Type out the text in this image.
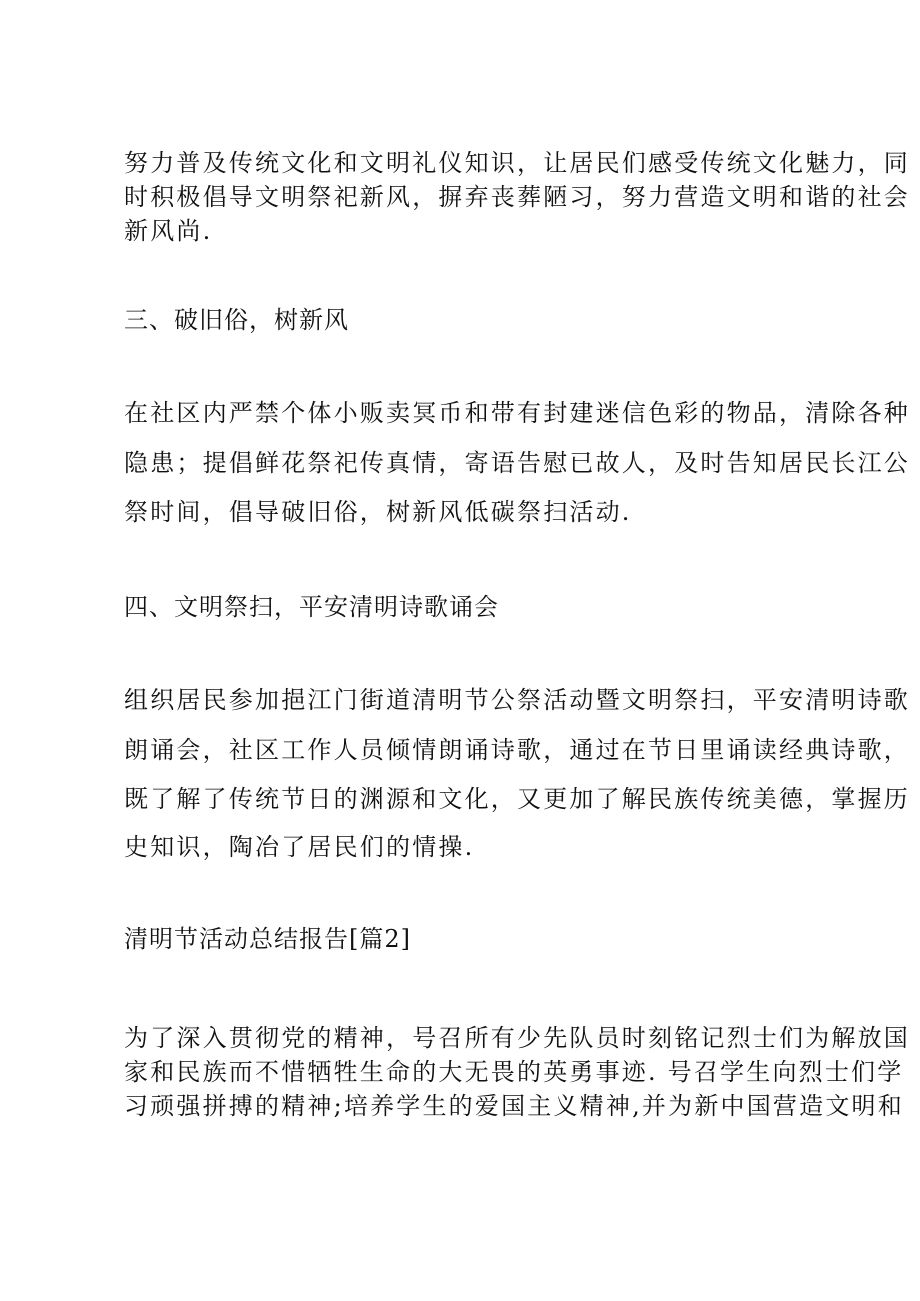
努力普及传统文化和文明礼仪知识，让居民们感受传统文化魅力，同
时积极倡导文明祭祀新风，摒弃丧葬陋习，努力营造文明和谐的社会
新风尚.
三、破旧俗，树新风
在社区内严禁个体小贩卖冥币和带有封建迷信色彩的物品，清除各种
隐患；提倡鲜花祭祀传真情，寄语告慰已故人，及时告知居民长江公
祭时间，倡导破旧俗，树新风低碳祭扫活动.
四、文明祭扫，平安清明诗歌诵会
组织居民参加挹江门街道清明节公祭活动暨文明祭扫，平安清明诗歌
朗诵会，社区工作人员倾情朗诵诗歌，通过在节日里诵读经典诗歌，
既了解了传统节日的渊源和文化，又更加了解民族传统美德，掌握历
史知识，陶冶了居民们的情操.
清明节活动总结报告[篇2]
为了深入贯彻党的精神，号召所有少先队员时刻铭记烈士们为解放国
家和民族而不惜牺牲生命的大无畏的英勇事迹. 号召学生向烈士们学
习顽强拼搏的精神;培养学生的爱国主义精神,并为新中国营造文明和
